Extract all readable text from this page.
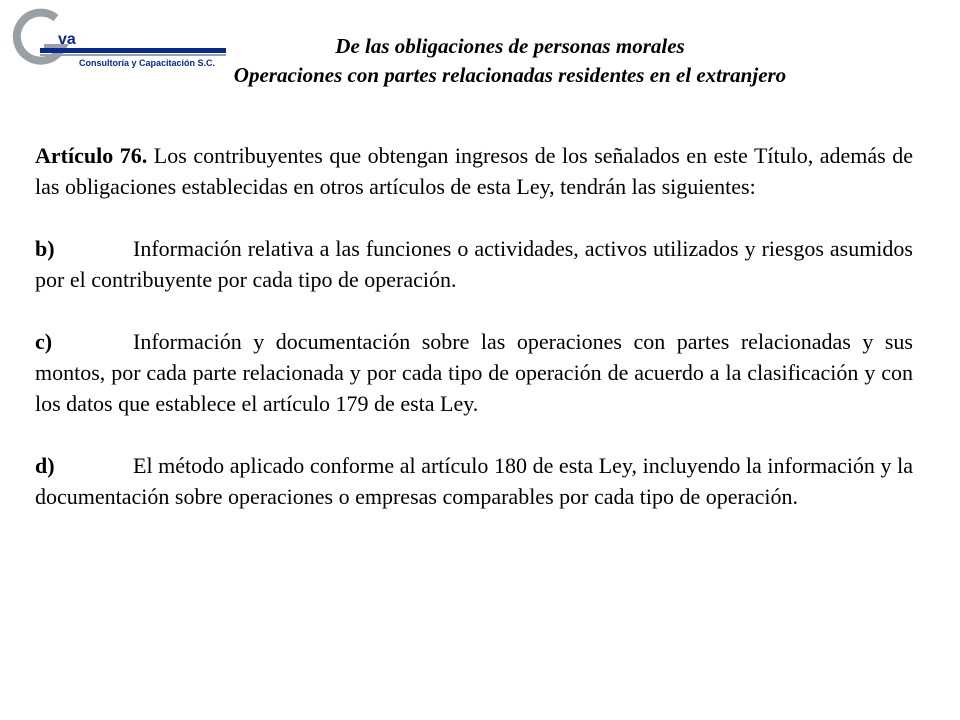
va
Consultoría y Capacitación S.C.
De las obligaciones de personas morales
Operaciones con partes relacionadas residentes en el extranjero

Artículo 76. Los contribuyentes que obtengan ingresos de los señalados en este Título, además de las obligaciones establecidas en otros artículos de esta Ley, tendrán las siguientes:

b)	Información relativa a las funciones o actividades, activos utilizados y riesgos asumidos por el contribuyente por cada tipo de operación.

c)	Información y documentación sobre las operaciones con partes relacionadas y sus montos, por cada parte relacionada y por cada tipo de operación de acuerdo a la clasificación y con los datos que establece el artículo 179 de esta Ley.

d)	El método aplicado conforme al artículo 180 de esta Ley, incluyendo la información y la documentación sobre operaciones o empresas comparables por cada tipo de operación.
